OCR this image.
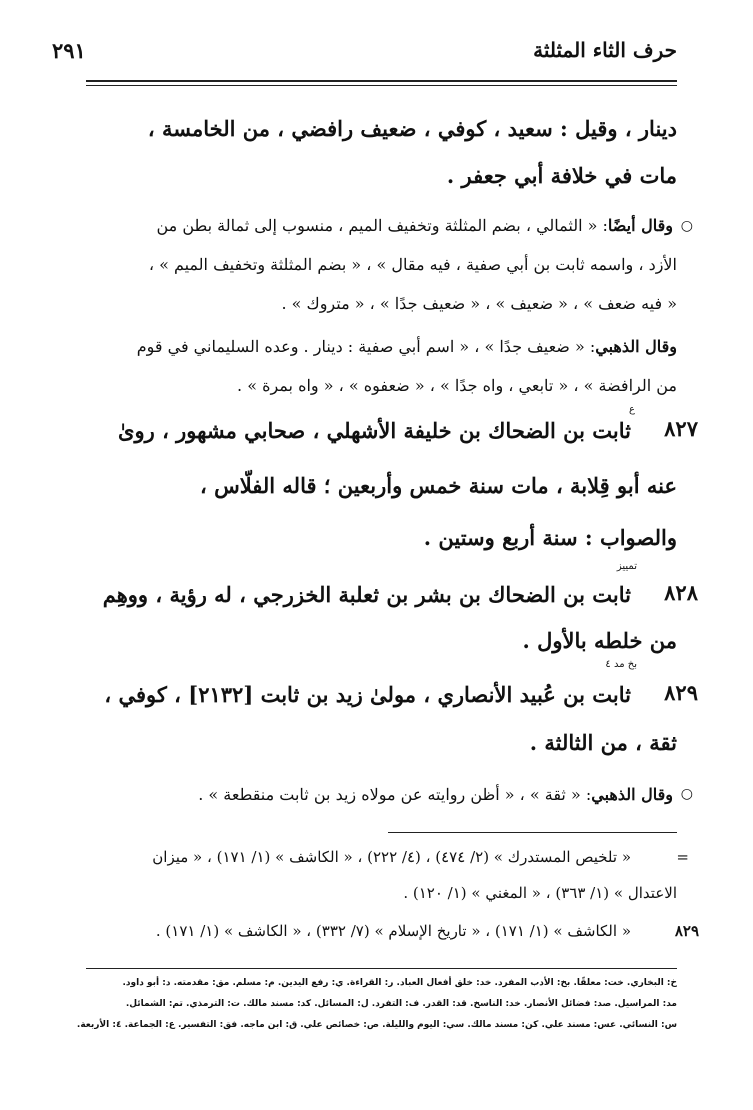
حرف الثاء المثلثة
٢٩١
دينار ، وقيل : سعيد ، كوفي ، ضعيف رافضي ، من الخامسة ،
مات في خلافة أبي جعفر .
○
وقال أيضًا: « الثمالي ، بضم المثلثة وتخفيف الميم ، منسوب إلى ثمالة بطن من
الأزد ، واسمه ثابت بن أبي صفية ، فيه مقال » ، « بضم المثلثة وتخفيف الميم » ،
« فيه ضعف » ، « ضعيف » ، « ضعيف جدًا » ، « متروك » .
وقال الذهبي: « ضعيف جدًا » ، « اسم أبي صفية : دينار . وعده السليماني في قوم
من الرافضة » ، « تابعي ، واه جدًا » ، « ضعفوه » ، « واه بمرة » .
ع
٨٢٧
ثابت بن الضحاك بن خليفة الأشهلي ، صحابي مشهور ، روىٰ
عنه أبو قِلابة ، مات سنة خمس وأربعين ؛ قاله الفلّاس ،
والصواب : سنة أربع وستين .
تمييز
٨٢٨
ثابت بن الضحاك بن بشر بن ثعلبة الخزرجي ، له رؤية ، ووهِم
من خلطه بالأول .
بخ مد ٤
٨٢٩
ثابت بن عُبيد الأنصاري ، مولىٰ زيد بن ثابت [٢١٣٢] ، كوفي ،
ثقة ، من الثالثة .
○
وقال الذهبي: « ثقة » ، « أظن روايته عن مولاه زيد بن ثابت منقطعة » .
=
« تلخيص المستدرك » (٢/ ٤٧٤) ، (٤/ ٢٢٢) ، « الكاشف » (١/ ١٧١) ، « ميزان
الاعتدال » (١/ ٣٦٣) ، « المغني » (١/ ١٢٠) .
٨٢٩
« الكاشف » (١/ ١٧١) ، « تاريخ الإسلام » (٧/ ٣٣٢) ، « الكاشف » (١/ ١٧١) .
خ: البخاري. خت: معلقًا. بخ: الأدب المفرد. خد: خلق أفعال العباد. ر: القراءة. ي: رفع اليدين. م: مسلم. مق: مقدمته. د: أبو داود.
مد: المراسيل. صد: فضائل الأنصار. خد: الناسخ. قد: القدر. ف: التفرد. ل: المسائل. كد: مسند مالك. ت: الترمذي. تم: الشمائل.
س: النسائي. عس: مسند علي. كن: مسند مالك. سي: اليوم والليلة. ص: خصائص علي. ق: ابن ماجه. فق: التفسير. ع: الجماعة. ٤: الأربعة.
